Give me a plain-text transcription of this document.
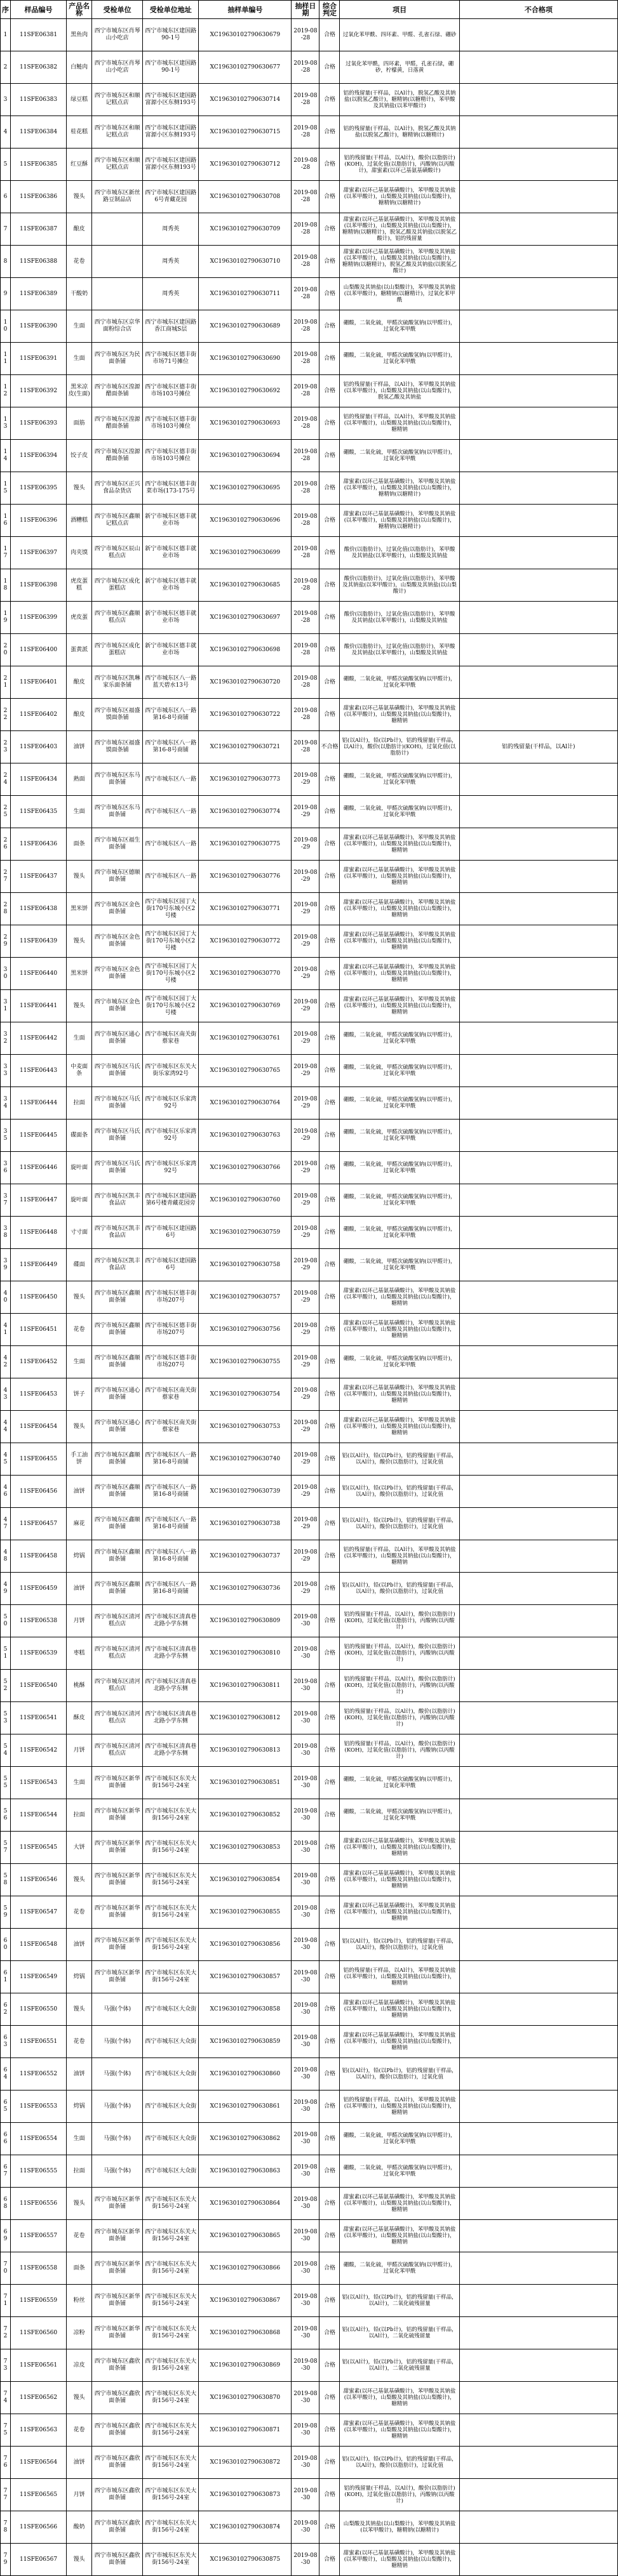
序	样品编号	产品名称	受检单位	受检单位地址	抽样单编号	抽样日期	综合判定	项目	不合格项
1	11SFE06381	黑鱼肉	西宁市城东区肖琴山小吃店	西宁市城东区建国路90-1号	XC19630102790630679	2019-08-28	合格	过氧化苯甲酰、四环素、甲醛、孔雀石绿、硼砂	
2	11SFE06382	白鲢肉	西宁市城东区肖琴山小吃店	西宁市城东区建国路90-1号	XC19630102790630677	2019-08-28	合格	过氧化苯甲酰，四环素，甲醛，孔雀石绿，硼砂，柠檬黄，日落黄	
3	11SFE06383	绿豆糕	西宁市城东区和顺记糕点店	西宁市城东区建国路富源小区东侧193号	XC19630102790630714	2019-08-28	合格	铝的残留量(干样品，以Al计)，脱氢乙酸及其钠盐(以脱氢乙酸计)，糖精钠(以糖精计)，苯甲酸及其钠盐(以苯甲酸计)	
4	11SFE06384	桂花糕	西宁市城东区和顺记糕点店	西宁市城东区建国路富源小区东侧193号	XC19630102790630715	2019-08-28	合格	铝的残留量(干样品，以Al计)，脱氢乙酸及其钠盐(以脱氢乙酸计)，糖精钠(以糖精计)	
5	11SFE06385	红豆酥	西宁市城东区和顺记糕点店	西宁市城东区建国路富源小区东侧193号	XC19630102790630712	2019-08-28	合格	铝的残留量(干样品，以Al计)，酸价(以脂肪计)(KOH)，过氧化值(以脂肪计)，丙酸钠(以丙酸计)，甜蜜素(以环己基氨基磺酸计)	
6	11SFE06386	馒头	西宁市城东区新丝路豆制品店	西宁市城东区建国路6号青藏花园	XC19630102790630708	2019-08-28	合格	甜蜜素(以环己基氨基磺酸计)，苯甲酸及其钠盐(以苯甲酸计)，山梨酸及其钠盐(以山梨酸计)，糖精钠(以糖精计)	
7	11SFE06387	酿皮		周秀英	XC19630102790630709	2019-08-28	合格	甜蜜素(以环己基氨基磺酸计)，苯甲酸及其钠盐(以苯甲酸计)，山梨酸及其钠盐(以山梨酸计)，糖精钠(以糖精计)，脱氢乙酸及其钠盐(以脱氢乙酸计)，铝的残留量	
8	11SFE06388	花卷		周秀英	XC19630102790630710	2019-08-28	合格	甜蜜素(以环己基氨基磺酸计)，苯甲酸及其钠盐(以苯甲酸计)，山梨酸及其钠盐(以山梨酸计)，糖精钠(以糖精计)，脱氢乙酸及其钠盐(以脱氢乙酸计)	
9	11SFE06389	干酸奶		周秀英	XC19630102790630711	2019-08-28	合格	山梨酸及其钠盐(以山梨酸计)，苯甲酸及其钠盐(以苯甲酸计)，糖精钠(以糖精计)，过氧化苯甲酰	
10	11SFE06390	生面	西宁市城东区京华面粉综合店	西宁市城东区建国路香江商城S层	XC19630102790630689	2019-08-28	合格	硼酸，二氧化硫，甲醛次硫酸氢钠(以甲醛计)，过氧化苯甲酰	
11	11SFE06391	生面	西宁市城东区为民面条铺	西宁市城东区德丰街市场71号摊位	XC19630102790630690	2019-08-28	合格	硼酸，二氧化硫，甲醛次硫酸氢钠(以甲醛计)，过氧化苯甲酰	
12	11SFE06392	黑米凉皮(生面)	西宁市城东区湟源醋面条铺	西宁市城东区德丰街市场103号摊位	XC19630102790630692	2019-08-28	合格	铝的残留量(干样品，以Al计)，苯甲酸及其钠盐(以苯甲酸计)，山梨酸及其钠盐(以山梨酸计)，脱氢乙酸及其钠盐	
13	11SFE06393	面筋	西宁市城东区湟源醋面条铺	西宁市城东区德丰街市场103号摊位	XC19630102790630693	2019-08-28	合格	铝的残留量(干样品，以Al计)，苯甲酸及其钠盐(以苯甲酸计)，山梨酸及其钠盐(以山梨酸计)，糖精钠	
14	11SFE06394	饺子皮	西宁市城东区湟源醋面条铺	西宁市城东区德丰街市场103号摊位	XC19630102790630694	2019-08-28	合格	硼酸，二氧化硫，甲醛次硫酸氢钠(以甲醛计)，过氧化苯甲酰	
15	11SFE06395	馒头	西宁市城东区正兴食品杂货店	西宁市城东区德丰街菜市场(173-175号	XC19630102790630695	2019-08-28	合格	甜蜜素(以环己基氨基磺酸计)，苯甲酸及其钠盐(以苯甲酸计)，山梨酸及其钠盐(以山梨酸计)，糖精钠(以糖精计)	
16	11SFE06396	酒糟糕	西宁市城东区鑫顺记糕点店	新宁市城东区德丰就业市场	XC19630102790630696	2019-08-28	合格	甜蜜素(以环己基氨基磺酸计)，苯甲酸及其钠盐(以苯甲酸计)，山梨酸及其钠盐(以山梨酸计)，糖精钠(以糖精计)	
17	11SFE06397	肉夹馍	西宁市城东区辰山糕点店	新宁市城东区德丰就业市场	XC19630102790630699	2019-08-28	合格	酸价(以脂肪计)，过氧化值(以脂肪计)，苯甲酸及其钠盐(以苯甲酸计)，山梨酸及其钠盐	
18	11SFE06398	虎皮蛋糕	西宁市城东区成化蛋糕店	新宁市城东区德丰就业市场	XC19630102790630685	2019-08-28	合格	酸价(以脂肪计)，过氧化值(以脂肪计)，苯甲酸及其钠盐(以苯甲酸计)，山梨酸及其钠盐(以山梨酸计)	
19	11SFE06399	虎皮蛋	西宁市城东区鑫顺糕点店	新宁市城东区德丰就业市场	XC19630102790630697	2019-08-28	合格	酸价(以脂肪计)，过氧化值(以脂肪计)，苯甲酸及其钠盐(以苯甲酸计)，山梨酸及其钠盐	
20	11SFE06400	蛋黄派	西宁市城东区成化蛋糕店	新宁市城东区德丰就业市场	XC19630102790630698	2019-08-28	合格	酸价(以脂肪计)，过氧化值(以脂肪计)，苯甲酸及其钠盐(以苯甲酸计)，山梨酸及其钠盐	
21	11SFE06401	酿皮	西宁市城东区凯琳家乐面条铺	西宁市城东区八一路蓝天碧水13号	XC19630102790630720	2019-08-28	合格	硼酸，二氧化硫，甲醛次硫酸氢钠(以甲醛计)，过氧化苯甲酰	
22	11SFE06402	酿皮	西宁市城东区福盛馍面条铺	西宁市城东区八一路第16-8号商铺	XC19630102790630722	2019-08-28	合格	甜蜜素(以环己基氨基磺酸计)，苯甲酸及其钠盐(以苯甲酸计)，山梨酸及其钠盐(以山梨酸计)，糖精钠	
23	11SFE06403	油饼	西宁市城东区福盛馍面条铺	西宁市城东区八一路第16-8号商铺	XC19630102790630721	2019-08-28	不合格	铝(以Al计)，铅(以Pb计)，铝的残留量(干样品，以Al计)，酸价(以脂肪计)(KOH)，过氧化值(以脂肪计)	铝的残留量(干样品，以Al计)
24	11SFE06434	熟面	西宁市城东区东马面条铺	西宁市城东区八一路	XC19630102790630773	2019-08-29	合格	硼酸，二氧化硫，甲醛次硫酸氢钠(以甲醛计)，过氧化苯甲酰	
25	11SFE06435	生面	西宁市城东区东马面条铺	西宁市城东区八一路	XC19630102790630774	2019-08-29	合格	硼酸，二氧化硫，甲醛次硫酸氢钠(以甲醛计)，过氧化苯甲酰	
26	11SFE06436	面条	西宁市城东区福生面条铺	西宁市城东区八一路	XC19630102790630775	2019-08-29	合格	甜蜜素(以环己基氨基磺酸计)，苯甲酸及其钠盐(以苯甲酸计)，山梨酸及其钠盐(以山梨酸计)，糖精钠	
27	11SFE06437	馒头	西宁市城东区德顺面条铺	西宁市城东区八一路	XC19630102790630776	2019-08-29	合格	甜蜜素(以环己基氨基磺酸计)，苯甲酸及其钠盐(以苯甲酸计)，山梨酸及其钠盐(以山梨酸计)，糖精钠	
28	11SFE06438	黑米饼	西宁市城东区金色面条铺	西宁市城东区园丁大街170号东城小区2号楼	XC19630102790630771	2019-08-29	合格	甜蜜素(以环己基氨基磺酸计)，苯甲酸及其钠盐(以苯甲酸计)，山梨酸及其钠盐(以山梨酸计)，糖精钠	
29	11SFE06439	馒头	西宁市城东区金色面条铺	西宁市城东区园丁大街170号东城小区2号楼	XC19630102790630772	2019-08-29	合格	甜蜜素(以环己基氨基磺酸计)，苯甲酸及其钠盐(以苯甲酸计)，山梨酸及其钠盐(以山梨酸计)，糖精钠	
30	11SFE06440	黑米饼	西宁市城东区金色面条铺	西宁市城东区园丁大街170号东城小区2号楼	XC19630102790630770	2019-08-29	合格	甜蜜素(以环己基氨基磺酸计)，苯甲酸及其钠盐(以苯甲酸计)，山梨酸及其钠盐(以山梨酸计)，糖精钠	
31	11SFE06441	馒头	西宁市城东区金色面条铺	西宁市城东区园丁大街170号东城小区2号楼	XC19630102790630769	2019-08-29	合格	甜蜜素(以环己基氨基磺酸计)，苯甲酸及其钠盐(以苯甲酸计)，山梨酸及其钠盐(以山梨酸计)，糖精钠	
32	11SFE06442	生面	西宁市城东区通心面条铺	西宁市城东区南关街蔡家巷	XC19630102790630761	2019-08-29	合格	硼酸，二氧化硫，甲醛次硫酸氢钠(以甲醛计)，过氧化苯甲酰	
33	11SFE06443	中麦面条	西宁市城东区马氏面条铺	西宁市城东区东关大街乐家湾92号	XC19630102790630765	2019-08-29	合格	硼酸，二氧化硫，甲醛次硫酸氢钠(以甲醛计)，过氧化苯甲酰	
34	11SFE06444	拉面	西宁市城东区马氏面条铺	西宁市城东区乐家湾92号	XC19630102790630764	2019-08-29	合格	硼酸，二氧化硫，甲醛次硫酸氢钠(以甲醛计)，过氧化苯甲酰	
35	11SFE06445	碟面条	西宁市城东区马氏面条铺	西宁市城东区乐家湾92号	XC19630102790630763	2019-08-29	合格	硼酸，二氧化硫，甲醛次硫酸氢钠(以甲醛计)，过氧化苯甲酰	
36	11SFE06446	旋叶面	西宁市城东区马氏面条铺	西宁市城东区乐家湾92号	XC19630102790630766	2019-08-29	合格	硼酸，二氧化硫，甲醛次硫酸氢钠(以甲醛计)，过氧化苯甲酰	
37	11SFE06447	旋叶面	西宁市城东区凯丰食品店	西宁市城东区建国路第6号楼青藏花园旁	XC19630102790630760	2019-08-29	合格	硼酸，二氧化硫，甲醛次硫酸氢钠(以甲醛计)，过氧化苯甲酰	
38	11SFE06448	寸寸面	西宁市城东区凯丰食品店	西宁市城东区建国路6号	XC19630102790630759	2019-08-29	合格	硼酸，二氧化硫，甲醛次硫酸氢钠(以甲醛计)，过氧化苯甲酰	
39	11SFE06449	碟面	西宁市城东区凯丰食品店	西宁市城东区建国路6号	XC19630102790630758	2019-08-29	合格	硼酸，二氧化硫，甲醛次硫酸氢钠(以甲醛计)，过氧化苯甲酰	
40	11SFE06450	馒头	西宁市城东区鑫顺面条铺	西宁市城东区德丰街市场207号	XC19630102790630757	2019-08-29	合格	甜蜜素(以环己基氨基磺酸计)，苯甲酸及其钠盐(以苯甲酸计)，山梨酸及其钠盐(以山梨酸计)，糖精钠	
41	11SFE06451	花卷	西宁市城东区鑫顺面条铺	西宁市城东区德丰街市场207号	XC19630102790630756	2019-08-29	合格	甜蜜素(以环己基氨基磺酸计)，苯甲酸及其钠盐(以苯甲酸计)，山梨酸及其钠盐(以山梨酸计)，糖精钠	
42	11SFE06452	生面	西宁市城东区鑫顺面条铺	西宁市城东区德丰街市场207号	XC19630102790630755	2019-08-29	合格	硼酸，二氧化硫，甲醛次硫酸氢钠(以甲醛计)，过氧化苯甲酰	
43	11SFE06453	饼子	西宁市城东区通心面条铺	西宁市城东区南关街蔡家巷	XC19630102790630754	2019-08-29	合格	甜蜜素(以环己基氨基磺酸计)，苯甲酸及其钠盐(以苯甲酸计)，山梨酸及其钠盐(以山梨酸计)，糖精钠	
44	11SFE06454	馒头	西宁市城东区通心面条铺	西宁市城东区南关街蔡家巷	XC19630102790630753	2019-08-29	合格	甜蜜素(以环己基氨基磺酸计)，苯甲酸及其钠盐(以苯甲酸计)，山梨酸及其钠盐(以山梨酸计)，糖精钠	
45	11SFE06455	手工油饼	西宁市城东区鑫顺面条铺	西宁市城东区八一路第16-8号商铺	XC19630102790630740	2019-08-29	合格	铝(以Al计)，铅(以Pb计)，铝的残留量(干样品，以Al计)，酸价(以脂肪计)，过氧化值	
46	11SFE06456	油饼	西宁市城东区鑫顺面条铺	西宁市城东区八一路第16-8号商铺	XC19630102790630739	2019-08-29	合格	铝(以Al计)，铅(以Pb计)，铝的残留量(干样品，以Al计)，酸价(以脂肪计)，过氧化值	
47	11SFE06457	麻花	西宁市城东区鑫顺面条铺	西宁市城东区八一路第16-8号商铺	XC19630102790630738	2019-08-29	合格	铝(以Al计)，铅(以Pb计)，铝的残留量(干样品，以Al计)，酸价(以脂肪计)，过氧化值	
48	11SFE06458	焪锅	西宁市城东区鑫顺面条铺	西宁市城东区八一路第16-8号商铺	XC19630102790630737	2019-08-29	合格	铝的残留量(干样品，以Al计)，苯甲酸及其钠盐(以苯甲酸计)，山梨酸及其钠盐(以山梨酸计)，糖精钠	
49	11SFE06459	油饼	西宁市城东区鑫顺面条铺	西宁市城东区八一路第16-8号商铺	XC19630102790630736	2019-08-29	合格	铝(以Al计)，铅(以Pb计)，铝的残留量(干样品，以Al计)，酸价(以脂肪计)，过氧化值	
50	11SFE06538	月饼	西宁市城东区清河糕点店	西宁市城东区清真巷北路小学东侧	XC19630102790630809	2019-08-30	合格	铝的残留量(干样品，以Al计)，酸价(以脂肪计)(KOH)，过氧化值(以脂肪计)，丙酸钠(以丙酸计)	
51	11SFE06539	枣糕	西宁市城东区清河糕点店	西宁市城东区清真巷北路小学东侧	XC19630102790630810	2019-08-30	合格	铝的残留量(干样品，以Al计)，酸价(以脂肪计)(KOH)，过氧化值(以脂肪计)，丙酸钠(以丙酸计)	
52	11SFE06540	桃酥	西宁市城东区清河糕点店	西宁市城东区清真巷北路小学东侧	XC19630102790630811	2019-08-30	合格	铝的残留量(干样品，以Al计)，酸价(以脂肪计)(KOH)，过氧化值(以脂肪计)，丙酸钠(以丙酸计)	
53	11SFE06541	酥皮	西宁市城东区清河糕点店	西宁市城东区清真巷北路小学东侧	XC19630102790630812	2019-08-30	合格	铝的残留量(干样品，以Al计)，酸价(以脂肪计)(KOH)，过氧化值(以脂肪计)，丙酸钠(以丙酸计)	
54	11SFE06542	月饼	西宁市城东区清河糕点店	西宁市城东区清真巷北路小学东侧	XC19630102790630813	2019-08-30	合格	铝的残留量(干样品，以Al计)，酸价(以脂肪计)(KOH)，过氧化值(以脂肪计)，丙酸钠(以丙酸计)	
55	11SFE06543	生面	西宁市城东区新华面条铺	西宁市城东区东关大街156号-24室	XC19630102790630851	2019-08-30	合格	硼酸，二氧化硫，甲醛次硫酸氢钠(以甲醛计)，过氧化苯甲酰	
56	11SFE06544	拉面	西宁市城东区新华面条铺	西宁市城东区东关大街156号-24室	XC19630102790630852	2019-08-30	合格	硼酸，二氧化硫，甲醛次硫酸氢钠(以甲醛计)，过氧化苯甲酰	
57	11SFE06545	大饼	西宁市城东区新华面条铺	西宁市城东区东关大街156号-24室	XC19630102790630853	2019-08-30	合格	甜蜜素(以环己基氨基磺酸计)，苯甲酸及其钠盐(以苯甲酸计)，山梨酸及其钠盐(以山梨酸计)，糖精钠	
58	11SFE06546	馒头	西宁市城东区新华面条铺	西宁市城东区东关大街156号-24室	XC19630102790630854	2019-08-30	合格	甜蜜素(以环己基氨基磺酸计)，苯甲酸及其钠盐(以苯甲酸计)，山梨酸及其钠盐(以山梨酸计)，糖精钠	
59	11SFE06547	花卷	西宁市城东区新华面条铺	西宁市城东区东关大街156号-24室	XC19630102790630855	2019-08-30	合格	甜蜜素(以环己基氨基磺酸计)，苯甲酸及其钠盐(以苯甲酸计)，山梨酸及其钠盐(以山梨酸计)，糖精钠	
60	11SFE06548	油饼	西宁市城东区新华面条铺	西宁市城东区东关大街156号-24室	XC19630102790630856	2019-08-30	合格	铝(以Al计)，铅(以Pb计)，铝的残留量(干样品，以Al计)，酸价(以脂肪计)，过氧化值	
61	11SFE06549	焪锅	西宁市城东区新华面条铺	西宁市城东区东关大街156号-24室	XC19630102790630857	2019-08-30	合格	铝的残留量(干样品，以Al计)，苯甲酸及其钠盐(以苯甲酸计)，山梨酸及其钠盐(以山梨酸计)，糖精钠	
62	11SFE06550	馒头	马强(个体)	西宁市城东区大众街	XC19630102790630858	2019-08-30	合格	甜蜜素(以环己基氨基磺酸计)，苯甲酸及其钠盐(以苯甲酸计)，山梨酸及其钠盐(以山梨酸计)，糖精钠	
63	11SFE06551	花卷	马强(个体)	西宁市城东区大众街	XC19630102790630859	2019-08-30	合格	甜蜜素(以环己基氨基磺酸计)，苯甲酸及其钠盐(以苯甲酸计)，山梨酸及其钠盐(以山梨酸计)，糖精钠	
64	11SFE06552	油饼	马强(个体)	西宁市城东区大众街	XC19630102790630860	2019-08-30	合格	铝(以Al计)，铅(以Pb计)，铝的残留量(干样品，以Al计)，酸价(以脂肪计)，过氧化值	
65	11SFE06553	焪锅	马强(个体)	西宁市城东区大众街	XC19630102790630861	2019-08-30	合格	铝的残留量(干样品，以Al计)，苯甲酸及其钠盐(以苯甲酸计)，山梨酸及其钠盐(以山梨酸计)，糖精钠	
66	11SFE06554	生面	马强(个体)	西宁市城东区大众街	XC19630102790630862	2019-08-30	合格	硼酸，二氧化硫，甲醛次硫酸氢钠(以甲醛计)，过氧化苯甲酰	
67	11SFE06555	拉面	马强(个体)	西宁市城东区大众街	XC19630102790630863	2019-08-30	合格	硼酸，二氧化硫，甲醛次硫酸氢钠(以甲醛计)，过氧化苯甲酰	
68	11SFE06556	馒头	西宁市城东区新华面条铺	西宁市城东区东关大街156号-24室	XC19630102790630864	2019-08-30	合格	甜蜜素(以环己基氨基磺酸计)，苯甲酸及其钠盐(以苯甲酸计)，山梨酸及其钠盐(以山梨酸计)，糖精钠	
69	11SFE06557	花卷	西宁市城东区新华面条铺	西宁市城东区东关大街156号-24室	XC19630102790630865	2019-08-30	合格	甜蜜素(以环己基氨基磺酸计)，苯甲酸及其钠盐(以苯甲酸计)，山梨酸及其钠盐(以山梨酸计)，糖精钠	
70	11SFE06558	面条	西宁市城东区新华面条铺	西宁市城东区东关大街156号-24室	XC19630102790630866	2019-08-30	合格	硼酸，二氧化硫，甲醛次硫酸氢钠(以甲醛计)，过氧化苯甲酰	
71	11SFE06559	粉丝	西宁市城东区新华面条铺	西宁市城东区东关大街156号-24室	XC19630102790630867	2019-08-30	合格	铝(以Al计)，铅(以Pb计)，铝的残留量(干样品，以Al计)，二氧化硫残留量	
72	11SFE06560	凉粉	西宁市城东区新华面条铺	西宁市城东区东关大街156号-24室	XC19630102790630868	2019-08-30	合格	铝(以Al计)，铅(以Pb计)，铝的残留量(干样品，以Al计)，二氧化硫残留量	
73	11SFE06561	凉皮	西宁市城东区鑫欣面条铺	西宁市城东区东关大街156号-24室	XC19630102790630869	2019-08-30	合格	铝(以Al计)，铅(以Pb计)，铝的残留量(干样品，以Al计)，二氧化硫残留量	
74	11SFE06562	馒头	西宁市城东区鑫欣面条铺	西宁市城东区东关大街156号-24室	XC19630102790630870	2019-08-30	合格	甜蜜素(以环己基氨基磺酸计)，苯甲酸及其钠盐(以苯甲酸计)，山梨酸及其钠盐(以山梨酸计)，糖精钠	
75	11SFE06563	花卷	西宁市城东区鑫欣面条铺	西宁市城东区东关大街156号-24室	XC19630102790630871	2019-08-30	合格	甜蜜素(以环己基氨基磺酸计)，苯甲酸及其钠盐(以苯甲酸计)，山梨酸及其钠盐(以山梨酸计)，糖精钠	
76	11SFE06564	油饼	西宁市城东区鑫欣面条铺	西宁市城东区东关大街156号-24室	XC19630102790630872	2019-08-30	合格	铝(以Al计)，铅(以Pb计)，铝的残留量(干样品，以Al计)，酸价(以脂肪计)，过氧化值	
77	11SFE06565	月饼	西宁市城东区鑫欣面条铺	西宁市城东区东关大街156号-24室	XC19630102790630873	2019-08-30	合格	铝的残留量(干样品，以Al计)，酸价(以脂肪计)(KOH)，过氧化值(以脂肪计)，丙酸钠(以丙酸计)	
78	11SFE06566	酸奶	西宁市城东区鑫欣面条铺	西宁市城东区东关大街156号-24室	XC19630102790630874	2019-08-30	合格	山梨酸及其钠盐(以山梨酸计)，苯甲酸及其钠盐(以苯甲酸计)，糖精钠(以糖精计)	
79	11SFE06567	馒头	西宁市城东区鑫欣面条铺	西宁市城东区东关大街156号-24室	XC19630102790630875	2019-08-30	合格	甜蜜素(以环己基氨基磺酸计)，苯甲酸及其钠盐(以苯甲酸计)，山梨酸及其钠盐(以山梨酸计)，糖精钠	
